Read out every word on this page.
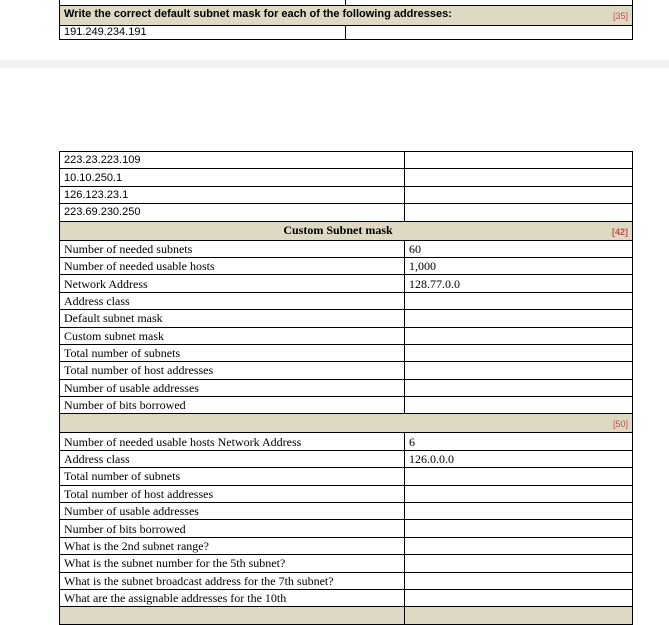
Write the correct default subnet mask for each of the following addresses: [35]	

191.249.234.191	
223.23.223.109	
10.10.250.1	
126.123.23.1	
223.69.230.250	

[42]
Custom Subnet mask	
Number of needed subnets	60
Number of needed usable hosts	1,000
Network Address	128.77.0.0
Address class	
Default subnet mask	
Custom subnet mask	
Total number of subnets	
Total number of host addresses	
Number of usable addresses	
Number of bits borrowed	

[50]	

Number of needed usable hosts Network Address	6
Address class	126.0.0.0
Total number of subnets	
Total number of host addresses	
Number of usable addresses	
Number of bits borrowed	
What is the 2nd subnet range?	
What is the subnet number for the 5th subnet?	
What is the subnet broadcast address for the 7th subnet?	
What are the assignable addresses for the 10th	
